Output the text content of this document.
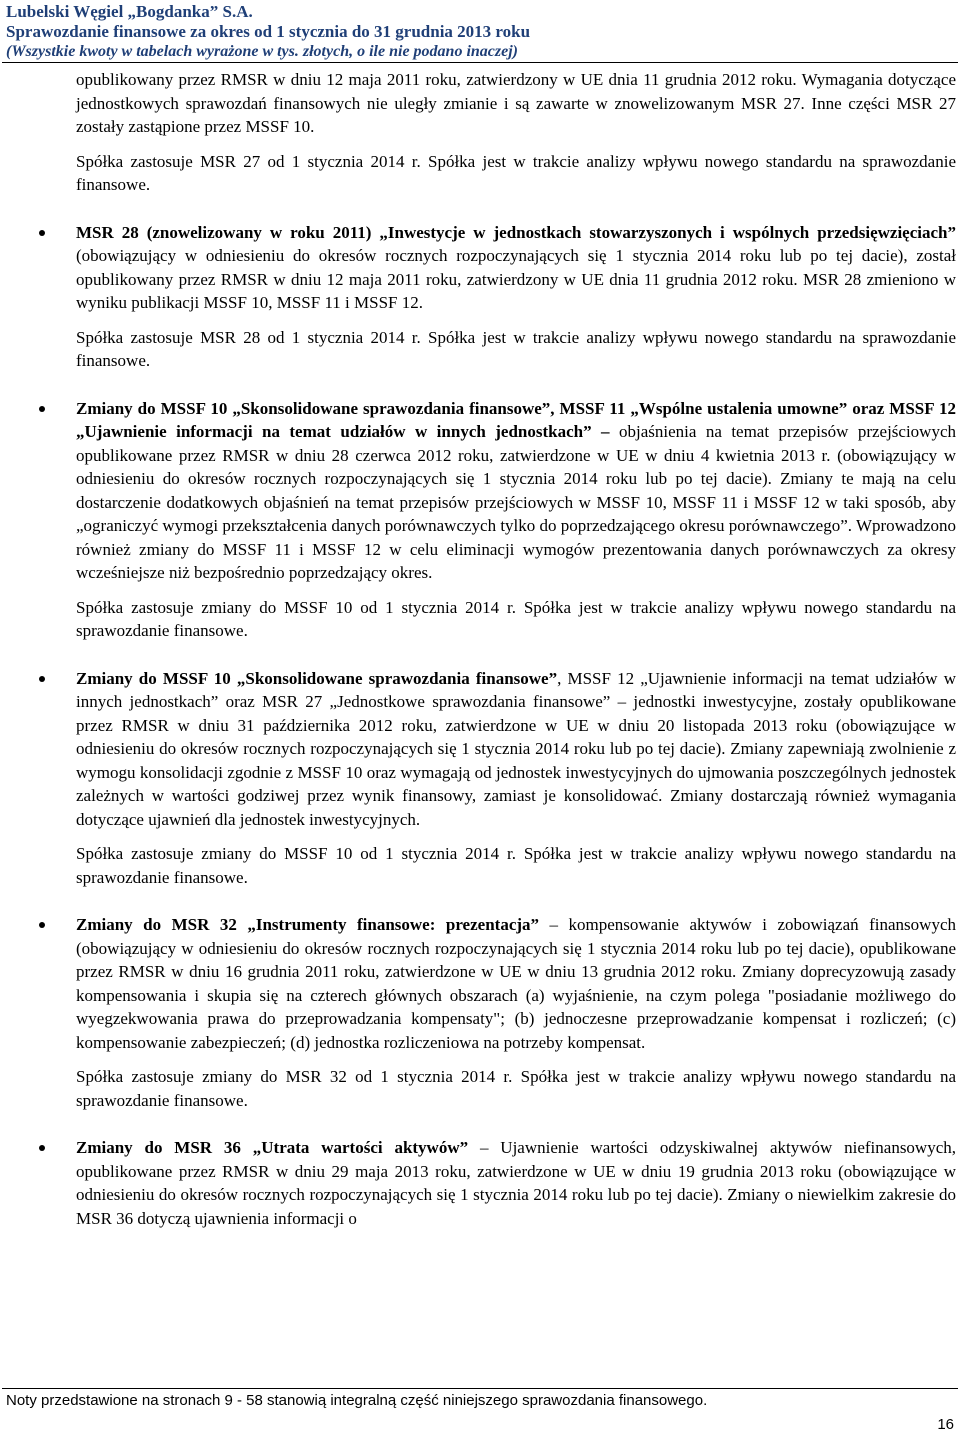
Lubelski Węgiel „Bogdanka” S.A.
Sprawozdanie finansowe za okres od 1 stycznia do 31 grudnia 2013 roku
(Wszystkie kwoty w tabelach wyrażone w tys. złotych, o ile nie podano inaczej)

opublikowany przez RMSR w dniu 12 maja 2011 roku, zatwierdzony w UE dnia 11 grudnia 2012 roku. Wymagania dotyczące jednostkowych sprawozdań finansowych nie uległy zmianie i są zawarte w znowelizowanym MSR 27. Inne części MSR 27 zostały zastąpione przez MSSF 10.

Spółka zastosuje MSR 27 od 1 stycznia 2014 r. Spółka jest w trakcie analizy wpływu nowego standardu na sprawozdanie finansowe.

MSR 28 (znowelizowany w roku 2011) „Inwestycje w jednostkach stowarzyszonych i wspólnych przedsięwzięciach” (obowiązujący w odniesieniu do okresów rocznych rozpoczynających się 1 stycznia 2014 roku lub po tej dacie), został opublikowany przez RMSR w dniu 12 maja 2011 roku, zatwierdzony w UE dnia 11 grudnia 2012 roku. MSR 28 zmieniono w wyniku publikacji MSSF 10, MSSF 11 i MSSF 12.

Spółka zastosuje MSR 28 od 1 stycznia 2014 r. Spółka jest w trakcie analizy wpływu nowego standardu na sprawozdanie finansowe.

Zmiany do MSSF 10 „Skonsolidowane sprawozdania finansowe”, MSSF 11 „Wspólne ustalenia umowne” oraz MSSF 12 „Ujawnienie informacji na temat udziałów w innych jednostkach” – objaśnienia na temat przepisów przejściowych opublikowane przez RMSR w dniu 28 czerwca 2012 roku, zatwierdzone w UE w dniu 4 kwietnia 2013 r. (obowiązujący w odniesieniu do okresów rocznych rozpoczynających się 1 stycznia 2014 roku lub po tej dacie). Zmiany te mają na celu dostarczenie dodatkowych objaśnień na temat przepisów przejściowych w MSSF 10, MSSF 11 i MSSF 12 w taki sposób, aby „ograniczyć wymogi przekształcenia danych porównawczych tylko do poprzedzającego okresu porównawczego”. Wprowadzono również zmiany do MSSF 11 i MSSF 12 w celu eliminacji wymogów prezentowania danych porównawczych za okresy wcześniejsze niż bezpośrednio poprzedzający okres.

Spółka zastosuje zmiany do MSSF 10 od 1 stycznia 2014 r. Spółka jest w trakcie analizy wpływu nowego standardu na sprawozdanie finansowe.

Zmiany do MSSF 10 „Skonsolidowane sprawozdania finansowe”, MSSF 12 „Ujawnienie informacji na temat udziałów w innych jednostkach” oraz MSR 27 „Jednostkowe sprawozdania finansowe” – jednostki inwestycyjne, zostały opublikowane przez RMSR w dniu 31 października 2012 roku, zatwierdzone w UE w dniu 20 listopada 2013 roku (obowiązujące w odniesieniu do okresów rocznych rozpoczynających się 1 stycznia 2014 roku lub po tej dacie). Zmiany zapewniają zwolnienie z wymogu konsolidacji zgodnie z MSSF 10 oraz wymagają od jednostek inwestycyjnych do ujmowania poszczególnych jednostek zależnych w wartości godziwej przez wynik finansowy, zamiast je konsolidować. Zmiany dostarczają również wymagania dotyczące ujawnień dla jednostek inwestycyjnych.

Spółka zastosuje zmiany do MSSF 10 od 1 stycznia 2014 r. Spółka jest w trakcie analizy wpływu nowego standardu na sprawozdanie finansowe.

Zmiany do MSR 32 „Instrumenty finansowe: prezentacja” – kompensowanie aktywów i zobowiązań finansowych (obowiązujący w odniesieniu do okresów rocznych rozpoczynających się 1 stycznia 2014 roku lub po tej dacie), opublikowane przez RMSR w dniu 16 grudnia 2011 roku, zatwierdzone w UE w dniu 13 grudnia 2012 roku. Zmiany doprecyzowują zasady kompensowania i skupia się na czterech głównych obszarach (a) wyjaśnienie, na czym polega "posiadanie możliwego do wyegzekwowania prawa do przeprowadzania kompensaty"; (b) jednoczesne przeprowadzanie kompensat i rozliczeń; (c) kompensowanie zabezpieczeń; (d) jednostka rozliczeniowa na potrzeby kompensat.

Spółka zastosuje zmiany do MSR 32 od 1 stycznia 2014 r. Spółka jest w trakcie analizy wpływu nowego standardu na sprawozdanie finansowe.

Zmiany do MSR 36 „Utrata wartości aktywów” – Ujawnienie wartości odzyskiwalnej aktywów niefinansowych, opublikowane przez RMSR w dniu 29 maja 2013 roku, zatwierdzone w UE w dniu 19 grudnia 2013 roku (obowiązujące w odniesieniu do okresów rocznych rozpoczynających się 1 stycznia 2014 roku lub po tej dacie). Zmiany o niewielkim zakresie do MSR 36 dotyczą ujawnienia informacji o

Noty przedstawione na stronach 9 - 58 stanowią integralną część niniejszego sprawozdania finansowego.
16
